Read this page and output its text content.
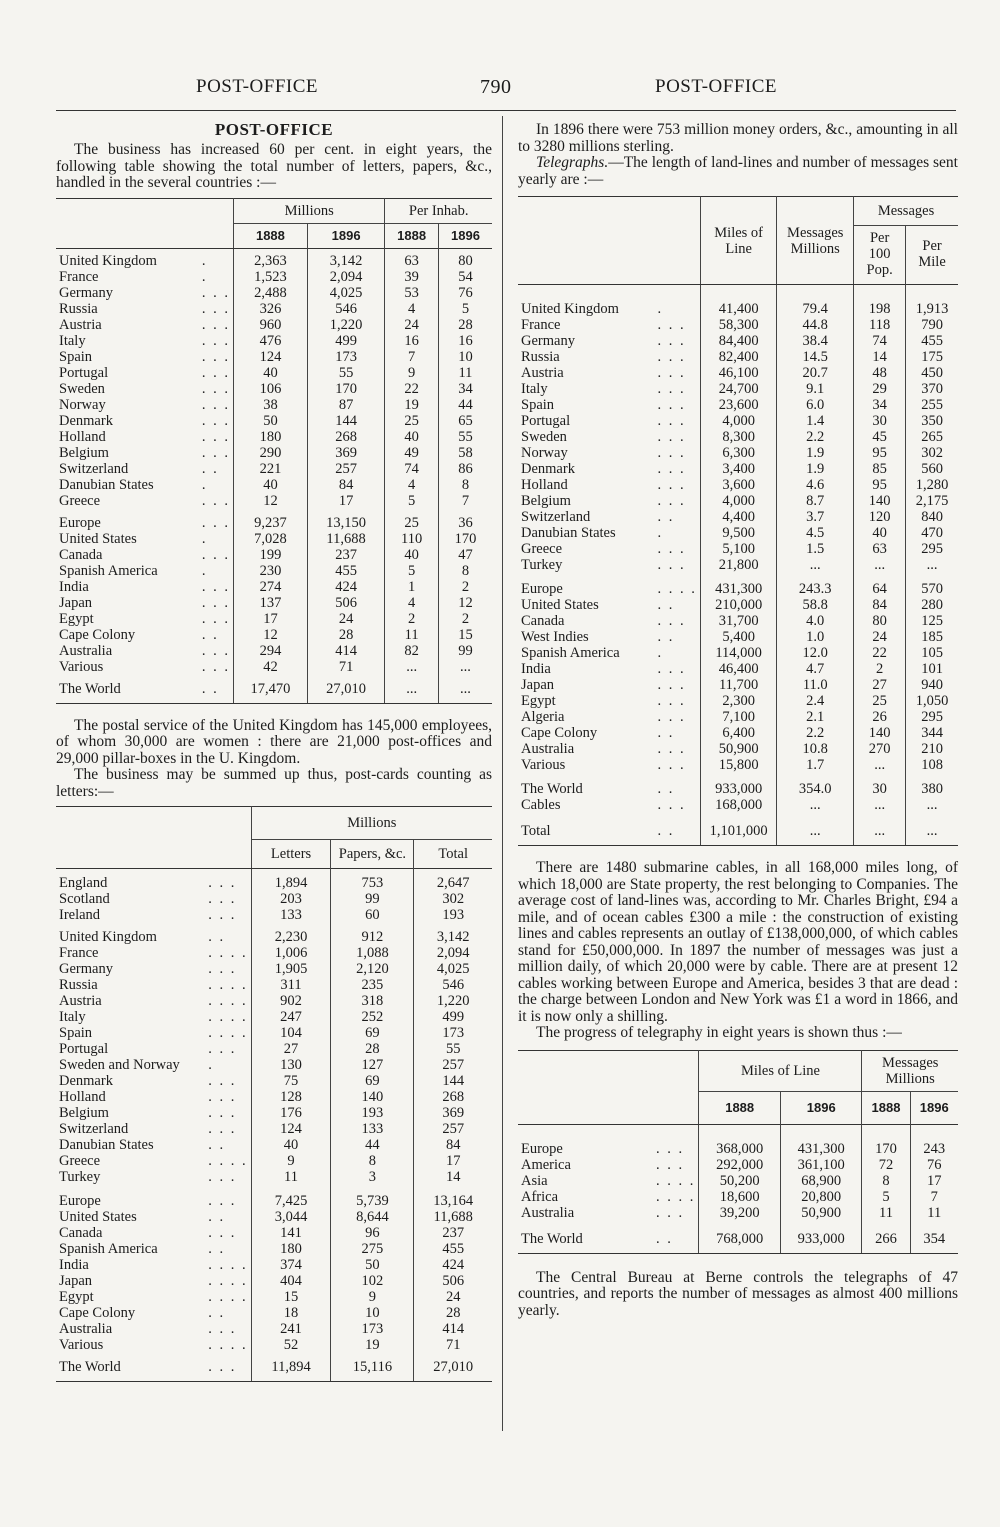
POST-OFFICE	790	POST-OFFICE
POST-OFFICE

The business has increased 60 per cent. in eight years, the following table showing the total number of letters, papers, &c., handled in the several countries :—

		Millions		Per Inhab.	
		1888	1896	1888	1896

United Kingdom	.	2,363	3,142	63	80
France	.	1,523	2,094	39	54
Germany	. . .	2,488	4,025	53	76
Russia	. . .	326	546	4	5
Austria	. . .	960	1,220	24	28
Italy	. . .	476	499	16	16
Spain	. . .	124	173	7	10
Portugal	. . .	40	55	9	11
Sweden	. . .	106	170	22	34
Norway	. . .	38	87	19	44
Denmark	. . .	50	144	25	65
Holland	. . .	180	268	40	55
Belgium	. . .	290	369	49	58
Switzerland	. .	221	257	74	86
Danubian States	.	40	84	4	8
Greece	. . .	12	17	5	7

Europe	. . .	9,237	13,150	25	36
United States	.	7,028	11,688	110	170
Canada	. . .	199	237	40	47
Spanish America	.	230	455	5	8
India	. . .	274	424	1	2
Japan	. . .	137	506	4	12
Egypt	. . .	17	24	2	2
Cape Colony	. .	12	28	11	15
Australia	. . .	294	414	82	99
Various	. . .	42	71	...	...

The World	. .	17,470	27,010	...	...

The postal service of the United Kingdom has 145,000 employees, of whom 30,000 are women : there are 21,000 post-offices and 29,000 pillar-boxes in the U. Kingdom.

The business may be summed up thus, post-cards counting as letters:—

		Millions		
		Letters	Papers, &c.	Total

England	. . .	1,894	753	2,647
Scotland	. . .	203	99	302
Ireland	. . .	133	60	193

United Kingdom	. .	2,230	912	3,142
France	. . . .	1,006	1,088	2,094
Germany	. . .	1,905	2,120	4,025
Russia	. . . .	311	235	546
Austria	. . . .	902	318	1,220
Italy	. . . .	247	252	499
Spain	. . . .	104	69	173
Portugal	. . .	27	28	55
Sweden and Norway	.	130	127	257
Denmark	. . .	75	69	144
Holland	. . .	128	140	268
Belgium	. . .	176	193	369
Switzerland	. . .	124	133	257
Danubian States	. .	40	44	84
Greece	. . . .	9	8	17
Turkey	. . .	11	3	14

Europe	. . .	7,425	5,739	13,164
United States	. .	3,044	8,644	11,688
Canada	. . .	141	96	237
Spanish America	. .	180	275	455
India	. . . .	374	50	424
Japan	. . . .	404	102	506
Egypt	. . . .	15	9	24
Cape Colony	. .	18	10	28
Australia	. . .	241	173	414
Various	. . . .	52	19	71

The World	. . .	11,894	15,116	27,010

In 1896 there were 753 million money orders, &c., amounting in all to 3280 millions sterling.

Telegraphs.—The length of land-lines and number of messages sent yearly are :—

		Miles of Line	Messages Millions	Messages	
				Per 100 Pop.	Per Mile

United Kingdom	.	41,400	79.4	198	1,913
France	. . .	58,300	44.8	118	790
Germany	. . .	84,400	38.4	74	455
Russia	. . .	82,400	14.5	14	175
Austria	. . .	46,100	20.7	48	450
Italy	. . .	24,700	9.1	29	370
Spain	. . .	23,600	6.0	34	255
Portugal	. . .	4,000	1.4	30	350
Sweden	. . .	8,300	2.2	45	265
Norway	. . .	6,300	1.9	95	302
Denmark	. . .	3,400	1.9	85	560
Holland	. . .	3,600	4.6	95	1,280
Belgium	. . .	4,000	8.7	140	2,175
Switzerland	. .	4,400	3.7	120	840
Danubian States	.	9,500	4.5	40	470
Greece	. . .	5,100	1.5	63	295
Turkey	. . .	21,800	...	...	...

Europe	. . . .	431,300	243.3	64	570
United States	. .	210,000	58.8	84	280
Canada	. . .	31,700	4.0	80	125
West Indies	. .	5,400	1.0	24	185
Spanish America	.	114,000	12.0	22	105
India	. . .	46,400	4.7	2	101
Japan	. . .	11,700	11.0	27	940
Egypt	. . .	2,300	2.4	25	1,050
Algeria	. . .	7,100	2.1	26	295
Cape Colony	. .	6,400	2.2	140	344
Australia	. . .	50,900	10.8	270	210
Various	. . .	15,800	1.7	...	108

The World	. .	933,000	354.0	30	380
Cables	. . .	168,000	...	...	...

Total	. .	1,101,000	...	...	...

There are 1480 submarine cables, in all 168,000 miles long, of which 18,000 are State property, the rest belonging to Companies. The average cost of land-lines was, according to Mr. Charles Bright, £94 a mile, and of ocean cables £300 a mile : the construction of existing lines and cables represents an outlay of £138,000,000, of which cables stand for £50,000,000. In 1897 the number of messages was just a million daily, of which 20,000 were by cable. There are at present 12 cables working between Europe and America, besides 3 that are dead : the charge between London and New York was £1 a word in 1866, and it is now only a shilling.

The progress of telegraphy in eight years is shown thus :—

		Miles of Line		Messages Millions	
		1888	1896	1888	1896

Europe	. . .	368,000	431,300	170	243
America	. . .	292,000	361,100	72	76
Asia	. . . .	50,200	68,900	8	17
Africa	. . . .	18,600	20,800	5	7
Australia	. . .	39,200	50,900	11	11

The World	. .	768,000	933,000	266	354

The Central Bureau at Berne controls the telegraphs of 47 countries, and reports the number of messages as almost 400 millions yearly.
